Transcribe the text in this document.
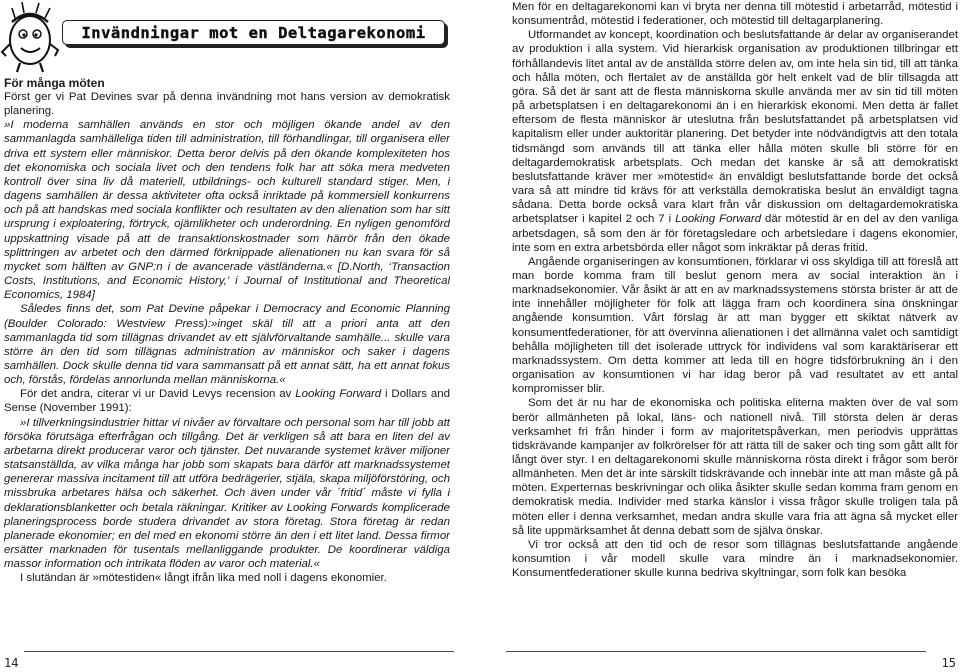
Invändningar mot en Deltagarekonomi

För många möten

Först ger vi Pat Devines svar på denna invändning mot hans version av demokratisk planering.

»I moderna samhällen används en stor och möjligen ökande andel av den sammanlagda samhälleliga tiden till administration, till förhandlingar, till organisera eller driva ett system eller människor. Detta beror delvis på den ökande komplexiteten hos det ekonomiska och sociala livet och den tendens folk har att söka mera medveten kontroll över sina liv då materiell, utbildnings- och kulturell standard stiger. Men, i dagens samhällen är dessa aktiviteter ofta också inriktade på kommersiell konkurrens och på att handskas med sociala konflikter och resultaten av den alienation som har sitt ursprung i exploatering, förtryck, ojämlikheter och underordning. En nyligen genomförd uppskattning visade på att de transaktionskostnader som härrör från den ökade splittringen av arbetet och den därmed förknippade alienationen nu kan svara för så mycket som hälften av GNP:n i de avancerade västländerna.« [D.North, ‘Transaction Costs, Institutions, and Economic History,’ i Journal of Institutional and Theoretical Economics, 1984]

Således finns det, som Pat Devine påpekar i Democracy and Economic Planning (Boulder Colorado: Westview Press):»inget skäl till att a priori anta att den sammanlagda tid som tillägnas drivandet av ett självförvaltande samhälle... skulle vara större än den tid som tillägnas administration av människor och saker i dagens samhällen. Dock skulle denna tid vara sammansatt på ett annat sätt, ha ett annat fokus och, förstås, fördelas annorlunda mellan människorna.«

För det andra, citerar vi ur David Levys recension av Looking Forward i Dollars and Sense (November 1991):

»I tillverkningsindustrier hittar vi nivåer av förvaltare och personal som har till jobb att försöka förutsäga efterfrågan och tillgång. Det är verkligen så att bara en liten del av arbetarna direkt producerar varor och tjänster. Det nuvarande systemet kräver miljoner statsanställda, av vilka många har jobb som skapats bara därför att marknadssystemet genererar massiva incitament till att utföra bedrägerier, stjäla, skapa miljöförstöring, och missbruka arbetares hälsa och säkerhet. Och även under vår ´fritid´ måste vi fylla i deklarationsblanketter och betala räkningar. Kritiker av Looking Forwards komplicerade planeringsprocess borde studera drivandet av stora företag. Stora företag är redan planerade ekonomier; en del med en ekonomi större än den i ett litet land. Dessa firmor ersätter marknaden för tusentals mellanliggande produkter. De koordinerar väldiga massor information och intrikata flöden av varor och material.«

I slutändan är »mötestiden« långt ifrån lika med noll i dagens ekonomier.

Men för en deltagarekonomi kan vi bryta ner denna till mötestid i arbetarråd, mötestid i konsumentråd, mötestid i federationer, och mötestid till deltagarplanering.

Utformandet av koncept, koordination och beslutsfattande är delar av organiserandet av produktion i alla system. Vid hierarkisk organisation av produktionen tillbringar ett förhållandevis litet antal av de anställda större delen av, om inte hela sin tid, till att tänka och hålla möten, och flertalet av de anställda gör helt enkelt vad de blir tillsagda att göra. Så det är sant att de flesta människorna skulle använda mer av sin tid till möten på arbetsplatsen i en deltagarekonomi än i en hierarkisk ekonomi. Men detta är fallet eftersom de flesta människor är uteslutna från beslutsfattandet på arbetsplatsen vid kapitalism eller under auktoritär planering. Det betyder inte nödvändigtvis att den totala tidsmängd som används till att tänka eller hålla möten skulle bli större för en deltagardemokratisk arbetsplats. Och medan det kanske är så att demokratiskt beslutsfattande kräver mer »mötestid« än enväldigt beslutsfattande borde det också vara så att mindre tid krävs för att verkställa demokratiska beslut än enväldigt tagna sådana. Detta borde också vara klart från vår diskussion om deltagardemokratiska arbetsplatser i kapitel 2 och 7 i Looking Forward där mötestid är en del av den vanliga arbetsdagen, så som den är för företagsledare och arbetsledare i dagens ekonomier, inte som en extra arbetsbörda eller något som inkräktar på deras fritid.

Angående organiseringen av konsumtionen, förklarar vi oss skyldiga till att föreslå att man borde komma fram till beslut genom mera av social interaktion än i marknadsekonomier. Vår åsikt är att en av marknadssystemens största brister är att de inte innehåller möjligheter för folk att lägga fram och koordinera sina önskningar angående konsumtion. Vårt förslag är att man bygger ett skiktat nätverk av konsumentfederationer, för att övervinna alienationen i det allmänna valet och samtidigt behålla möjligheten till det isolerade uttryck för individens val som karaktäriserar ett marknadssystem. Om detta kommer att leda till en högre tidsförbrukning än i den organisation av konsumtionen vi har idag beror på vad resultatet av ett antal kompromisser blir.

Som det är nu har de ekonomiska och politiska eliterna makten över de val som berör allmänheten på lokal, läns- och nationell nivå. Till största delen är deras verksamhet fri från hinder i form av majoritetspåverkan, men periodvis upprättas tidskrävande kampanjer av folkrörelser för att rätta till de saker och ting som gått allt för långt över styr. I en deltagarekonomi skulle människorna rösta direkt i frågor som berör allmänheten. Men det är inte särskilt tidskrävande och innebär inte att man måste gå på möten. Experternas beskrivningar och olika åsikter skulle sedan komma fram genom en demokratisk media. Individer med starka känslor i vissa frågor skulle troligen tala på möten eller i denna verksamhet, medan andra skulle vara fria att ägna så mycket eller så lite uppmärksamhet åt denna debatt som de själva önskar.

Vi tror också att den tid och de resor som tillägnas beslutsfattande angående konsumtion i vår modell skulle vara mindre än i marknadsekonomier. Konsumentfederationer skulle kunna bedriva skyltningar, som folk kan besöka

14	15
